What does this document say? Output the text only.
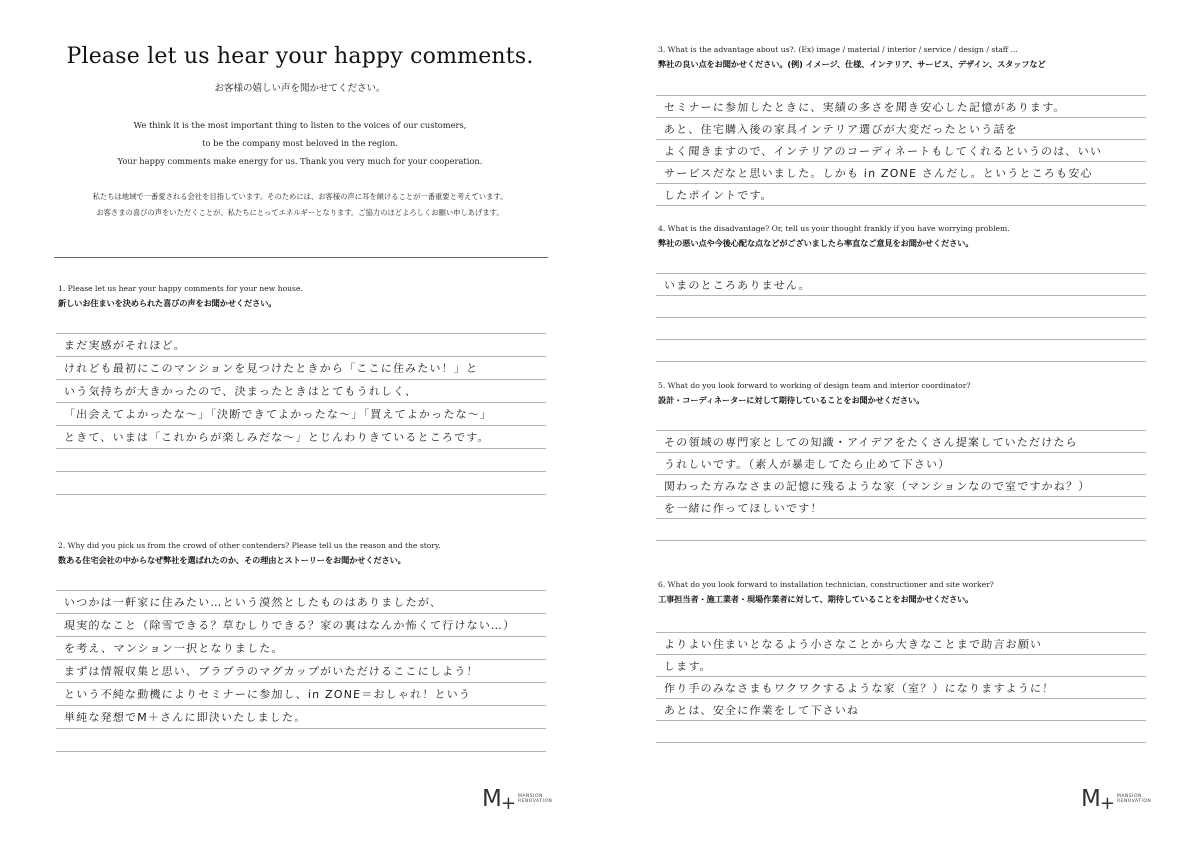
Please let us hear your happy comments.
お客様の嬉しい声を聞かせてください。
We think it is the most important thing to listen to the voices of our customers,
to be the company most beloved in the region.
Your happy comments make energy for us. Thank you very much for your cooperation.
私たちは地域で一番愛される会社を目指しています。そのためには、お客様の声に耳を傾けることが一番重要と考えています。
お客さまの喜びの声をいただくことが、私たちにとってエネルギーとなります。ご協力のほどよろしくお願い申しあげます。
1. Please let us hear your happy comments for your new house.
新しいお住まいを決められた喜びの声をお聞かせください。
まだ実感がそれほど。
けれども最初にこのマンションを見つけたときから「ここに住みたい！」と
いう気持ちが大きかったので、決まったときはとてもうれしく、
「出会えてよかったな～」「決断できてよかったな～」「買えてよかったな～」
ときて、いまは「これからが楽しみだな～」とじんわりきているところです。
2. Why did you pick us from the crowd of other contenders? Please tell us the reason and the story.
数ある住宅会社の中からなぜ弊社を選ばれたのか、その理由とストーリーをお聞かせください。
いつかは一軒家に住みたい…という漠然としたものはありましたが、
現実的なこと（除雪できる？草むしりできる？家の裏はなんか怖くて行けない…）
を考え、マンション一択となりました。
まずは情報収集と思い、ブラブラのマグカップがいただけるここにしよう！
という不純な動機によりセミナーに参加し、in ZONE＝おしゃれ！という
単純な発想でM＋さんに即決いたしました。
M+ MANSION
RENOVATION
3. What is the advantage about us?. (Ex) image / material / interior / service / design / staff ...
弊社の良い点をお聞かせください。(例) イメージ、仕様、インテリア、サービス、デザイン、スタッフなど
セミナーに参加したときに、実績の多さを聞き安心した記憶があります。
あと、住宅購入後の家具インテリア選びが大変だったという話を
よく聞きますので、インテリアのコーディネートもしてくれるというのは、いい
サービスだなと思いました。しかも in ZONE さんだし。というところも安心
したポイントです。
4. What is the disadvantage? Or, tell us your thought frankly if you have worrying problem.
弊社の悪い点や今後心配な点などがございましたら率直なご意見をお聞かせください。
いまのところありません。
5. What do you look forward to working of design team and interior coordinator?
設計・コーディネーターに対して期待していることをお聞かせください。
その領域の専門家としての知識・アイデアをたくさん提案していただけたら
うれしいです。（素人が暴走してたら止めて下さい）
関わった方みなさまの記憶に残るような家（マンションなので室ですかね？）
を一緒に作ってほしいです！
6. What do you look forward to installation technician, constructioner and site worker?
工事担当者・施工業者・現場作業者に対して、期待していることをお聞かせください。
よりよい住まいとなるよう小さなことから大きなことまで助言お願い
します。
作り手のみなさまもワクワクするような家（室？）になりますように！
あとは、安全に作業をして下さいね
M+ MANSION
RENOVATION
